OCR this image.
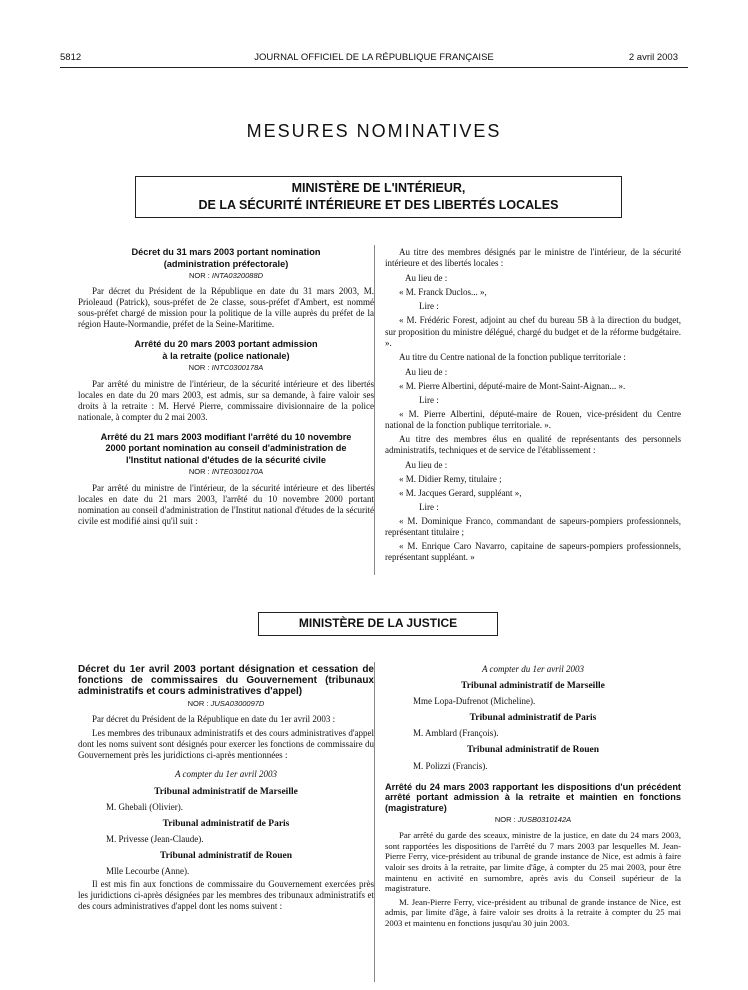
5812	JOURNAL OFFICIEL DE LA RÉPUBLIQUE FRANÇAISE	2 avril 2003
MESURES NOMINATIVES
MINISTÈRE DE L'INTÉRIEUR,
DE LA SÉCURITÉ INTÉRIEURE ET DES LIBERTÉS LOCALES
Décret du 31 mars 2003 portant nomination
(administration préfectorale)
NOR : INTA0320088D

Par décret du Président de la République en date du 31 mars 2003, M. Prioleaud (Patrick), sous-préfet de 2e classe, sous-préfet d'Ambert, est nommé sous-préfet chargé de mission pour la politique de la ville auprès du préfet de la région Haute-Normandie, préfet de la Seine-Maritime.

Arrêté du 20 mars 2003 portant admission
à la retraite (police nationale)
NOR : INTC0300178A

Par arrêté du ministre de l'intérieur, de la sécurité intérieure et des libertés locales en date du 20 mars 2003, est admis, sur sa demande, à faire valoir ses droits à la retraite : M. Hervé Pierre, commissaire divisionnaire de la police nationale, à compter du 2 mai 2003.

Arrêté du 21 mars 2003 modifiant l'arrêté du 10 novembre
2000 portant nomination au conseil d'administration de
l'Institut national d'études de la sécurité civile
NOR : INTE0300170A

Par arrêté du ministre de l'intérieur, de la sécurité intérieure et des libertés locales en date du 21 mars 2003, l'arrêté du 10 novembre 2000 portant nomination au conseil d'administration de l'Institut national d'études de la sécurité civile est modifié ainsi qu'il suit :

Au titre des membres désignés par le ministre de l'intérieur, de la sécurité intérieure et des libertés locales :

Au lieu de :

« M. Franck Duclos... »,

Lire :

« M. Frédéric Forest, adjoint au chef du bureau 5B à la direction du budget, sur proposition du ministre délégué, chargé du budget et de la réforme budgétaire. ».

Au titre du Centre national de la fonction publique territoriale :

Au lieu de :

« M. Pierre Albertini, député-maire de Mont-Saint-Aignan... ».

Lire :

« M. Pierre Albertini, député-maire de Rouen, vice-président du Centre national de la fonction publique territoriale. ».

Au titre des membres élus en qualité de représentants des personnels administratifs, techniques et de service de l'établissement :

Au lieu de :

« M. Didier Remy, titulaire ;

« M. Jacques Gerard, suppléant »,

Lire :

« M. Dominique Franco, commandant de sapeurs-pompiers professionnels, représentant titulaire ;

« M. Enrique Caro Navarro, capitaine de sapeurs-pompiers professionnels, représentant suppléant. »

MINISTÈRE DE LA JUSTICE
Décret du 1er avril 2003 portant désignation et cessation de fonctions de commissaires du Gouvernement (tribunaux administratifs et cours administratives d'appel)
NOR : JUSA0300097D

Par décret du Président de la République en date du 1er avril 2003 :

Les membres des tribunaux administratifs et des cours administratives d'appel dont les noms suivent sont désignés pour exercer les fonctions de commissaire du Gouvernement près les juridictions ci-après mentionnées :

A compter du 1er avril 2003
Tribunal administratif de Marseille

M. Ghebali (Olivier).

Tribunal administratif de Paris

M. Privesse (Jean-Claude).

Tribunal administratif de Rouen

Mlle Lecourbe (Anne).

Il est mis fin aux fonctions de commissaire du Gouvernement exercées près les juridictions ci-après désignées par les membres des tribunaux administratifs et des cours administratives d'appel dont les noms suivent :

A compter du 1er avril 2003
Tribunal administratif de Marseille

Mme Lopa-Dufrenot (Micheline).

Tribunal administratif de Paris

M. Amblard (François).

Tribunal administratif de Rouen

M. Polizzi (Francis).

Arrêté du 24 mars 2003 rapportant les dispositions d'un précédent arrêté portant admission à la retraite et maintien en fonctions (magistrature)
NOR : JUSB0310142A

Par arrêté du garde des sceaux, ministre de la justice, en date du 24 mars 2003, sont rapportées les dispositions de l'arrêté du 7 mars 2003 par lesquelles M. Jean-Pierre Ferry, vice-président au tribunal de grande instance de Nice, est admis à faire valoir ses droits à la retraite, par limite d'âge, à compter du 25 mai 2003, pour être maintenu en activité en surnombre, après avis du Conseil supérieur de la magistrature.

M. Jean-Pierre Ferry, vice-président au tribunal de grande instance de Nice, est admis, par limite d'âge, à faire valoir ses droits à la retraite à compter du 25 mai 2003 et maintenu en fonctions jusqu'au 30 juin 2003.
